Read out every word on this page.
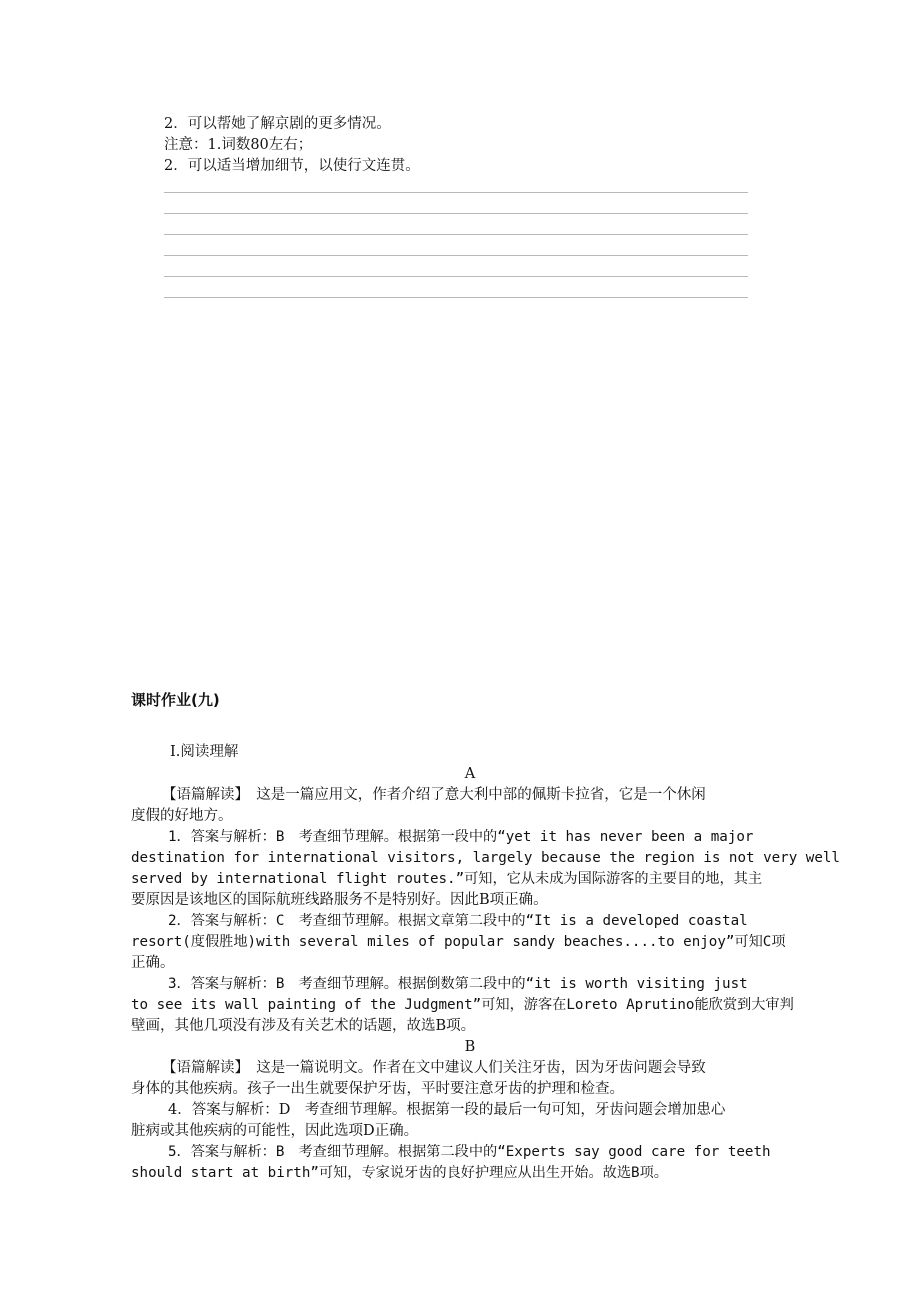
2．可以帮她了解京剧的更多情况。
注意：1.词数80左右；
2．可以适当增加细节，以使行文连贯。
课时作业(九)
Ⅰ.阅读理解
A
【语篇解读】　这是一篇应用文，作者介绍了意大利中部的佩斯卡拉省，它是一个休闲
度假的好地方。
1．答案与解析：B　考查细节理解。根据第一段中的“yet it has never been a major
destination for international visitors, largely because the region is not very well
served by international flight routes.”可知，它从未成为国际游客的主要目的地，其主
要原因是该地区的国际航班线路服务不是特别好。因此B项正确。
2．答案与解析：C　考查细节理解。根据文章第二段中的“It is a developed coastal
resort(度假胜地)with several miles of popular sandy beaches....to enjoy”可知C项
正确。
3．答案与解析：B　考查细节理解。根据倒数第二段中的“it is worth visiting just
to see its wall painting of the Judgment”可知，游客在Loreto Aprutino能欣赏到大审判
壁画，其他几项没有涉及有关艺术的话题，故选B项。
B
【语篇解读】　这是一篇说明文。作者在文中建议人们关注牙齿，因为牙齿问题会导致
身体的其他疾病。孩子一出生就要保护牙齿，平时要注意牙齿的护理和检查。
4．答案与解析：D　考查细节理解。根据第一段的最后一句可知，牙齿问题会增加患心
脏病或其他疾病的可能性，因此选项D正确。
5．答案与解析：B　考查细节理解。根据第二段中的“Experts say good care for teeth
should start at birth”可知，专家说牙齿的良好护理应从出生开始。故选B项。
